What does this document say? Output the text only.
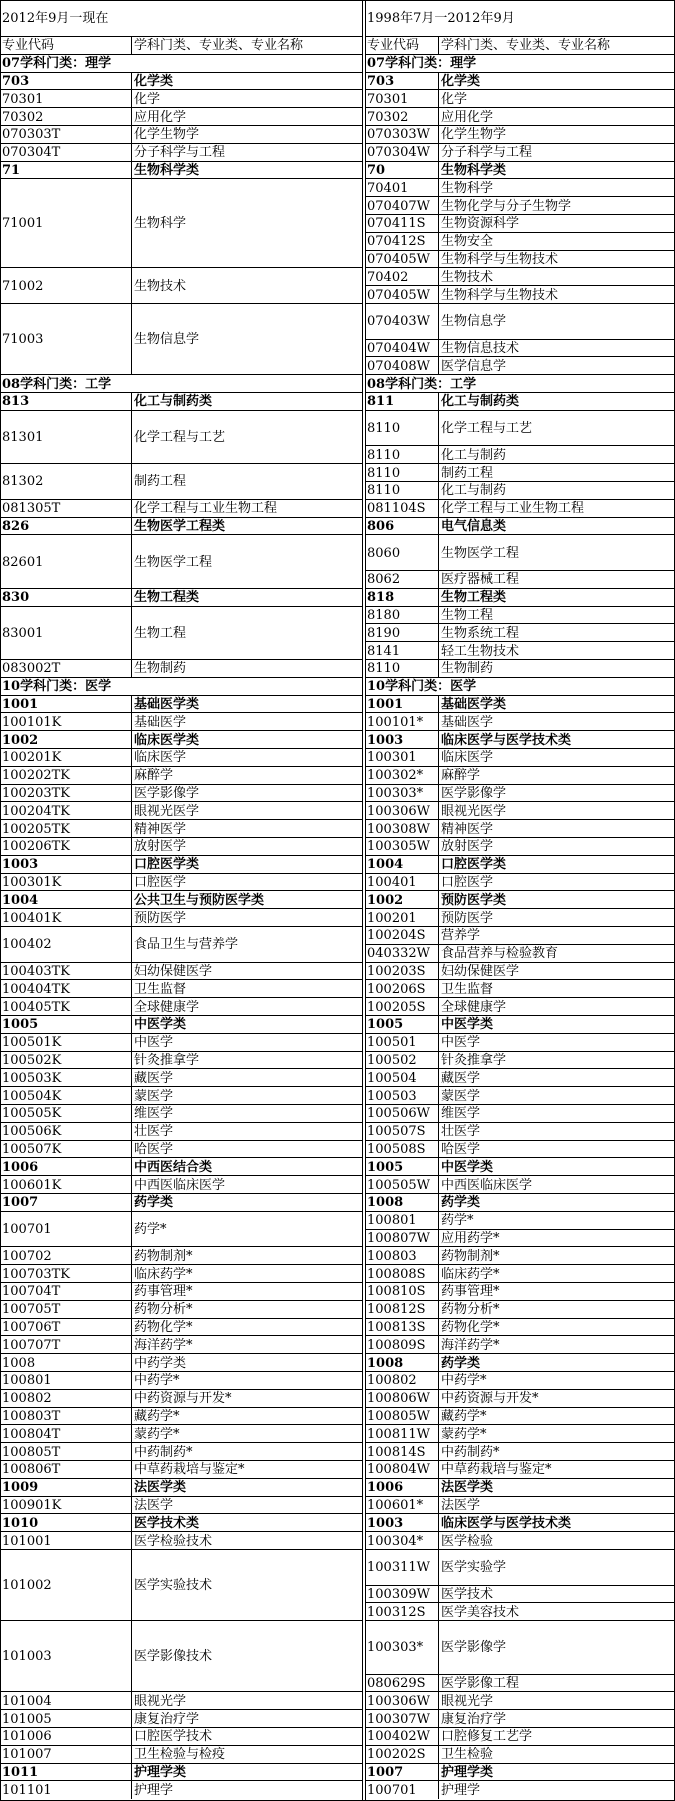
2012年9月一现在	1998年7月一2012年9月
专业代码	学科门类、专业类、专业名称
07学科门类：理学
703	化学类
70301	化学
70302	应用化学
070303T	化学生物学
070304T	分子科学与工程
71	生物科学类
71001	生物科学
71002	生物技术
71003	生物信息学
08学科门类：工学
813	化工与制药类
81301	化学工程与工艺
81302	制药工程
081305T	化学工程与工业生物工程
826	生物医学工程类
82601	生物医学工程
830	生物工程类
83001	生物工程
083002T	生物制药
10学科门类：医学
1001	基础医学类
100101K	基础医学
1002	临床医学类
100201K	临床医学
100202TK	麻醉学
100203TK	医学影像学
100204TK	眼视光医学
100205TK	精神医学
100206TK	放射医学
1003	口腔医学类
100301K	口腔医学
1004	公共卫生与预防医学类
100401K	预防医学
100402	食品卫生与营养学
100403TK	妇幼保健医学
100404TK	卫生监督
100405TK	全球健康学
1005	中医学类
100501K	中医学
100502K	针灸推拿学
100503K	藏医学
100504K	蒙医学
100505K	维医学
100506K	壮医学
100507K	哈医学
1006	中西医结合类
100601K	中西医临床医学
1007	药学类
100701	药学*
100702	药物制剂*
100703TK	临床药学*
100704T	药事管理*
100705T	药物分析*
100706T	药物化学*
100707T	海洋药学*
1008	中药学类
100801	中药学*
100802	中药资源与开发*
100803T	藏药学*
100804T	蒙药学*
100805T	中药制药*
100806T	中草药栽培与鉴定*
1009	法医学类
100901K	法医学
1010	医学技术类
101001	医学检验技术
101002	医学实验技术
101003	医学影像技术
101004	眼视光学
101005	康复治疗学
101006	口腔医学技术
101007	卫生检验与检疫
1011	护理学类
101101	护理学
专业代码	学科门类、专业类、专业名称
07学科门类：理学
703	化学类
70301	化学
70302	应用化学
070303W 化学生物学
070304W 分子科学与工程
70	生物科学类
70401	生物科学
070407W 生物化学与分子生物学
070411S	生物资源科学
070412S	生物安全
070405W 生物科学与生物技术
70402	生物技术
070405W 生物科学与生物技术
070403W 生物信息学
070404W 生物信息技术
070408W 医学信息学
08学科门类：工学
811	化工与制药类
8110	化学工程与工艺
8110	化工与制药
8110	制药工程
8110	化工与制药
081104S	化学工程与工业生物工程
806	电气信息类
8060	生物医学工程
8062	医疗器械工程
818	生物工程类
8180	生物工程
8190	生物系统工程
8141	轻工生物技术
8110	生物制药
10学科门类：医学
1001	基础医学类
100101*	基础医学
1003	临床医学与医学技术类
100301	临床医学
100302*	麻醉学
100303*	医学影像学
100306W 眼视光医学
100308W 精神医学
100305W 放射医学
1004	口腔医学类
100401	口腔医学
1002	预防医学类
100201	预防医学
100204S	营养学
040332W 食品营养与检验教育
100203S	妇幼保健医学
100206S	卫生监督
100205S	全球健康学
1005	中医学类
100501	中医学
100502	针灸推拿学
100504	藏医学
100503	蒙医学
100506W 维医学
100507S	壮医学
100508S	哈医学
1005	中医学类
100505W 中西医临床医学
1008	药学类
100801	药学*
100807W 应用药学*
100803	药物制剂*
100808S	临床药学*
100810S	药事管理*
100812S	药物分析*
100813S	药物化学*
100809S	海洋药学*
1008	药学类
100802	中药学*
100806W 中药资源与开发*
100805W 藏药学*
100811W 蒙药学*
100814S	中药制药*
100804W 中草药栽培与鉴定*
1006	法医学类
100601*	法医学
1003	临床医学与医学技术类
100304*	医学检验
100311W 医学实验学
100309W 医学技术
100312S	医学美容技术
100303*	医学影像学
080629S	医学影像工程
100306W 眼视光学
100307W 康复治疗学
100402W 口腔修复工艺学
100202S	卫生检验
1007	护理学类
100701	护理学
